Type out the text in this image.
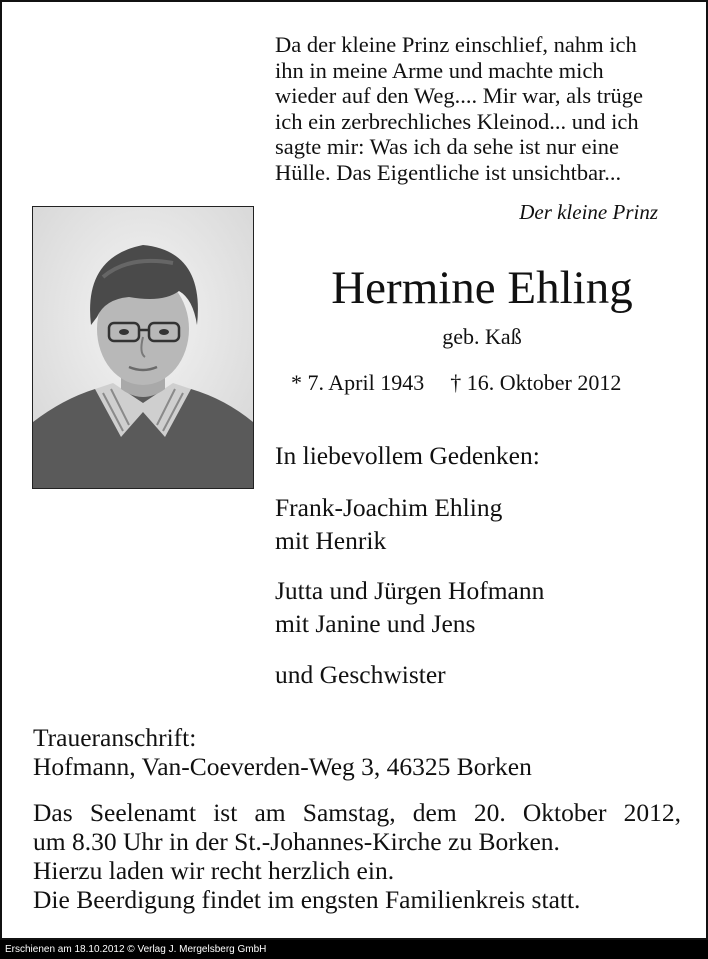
Da der kleine Prinz einschlief, nahm ich
ihn in meine Arme und machte mich
wieder auf den Weg.... Mir war, als trüge
ich ein zerbrechliches Kleinod... und ich
sagte mir: Was ich da sehe ist nur eine
Hülle. Das Eigentliche ist unsichtbar...
Der kleine Prinz
Hermine Ehling
geb. Kaß
* 7. April 1943 † 16. Oktober 2012
In liebevollem Gedenken:
Frank-Joachim Ehling
mit Henrik
Jutta und Jürgen Hofmann
mit Janine und Jens
und Geschwister
Traueranschrift:
Hofmann, Van-Coeverden-Weg 3, 46325 Borken
Das Seelenamt ist am Samstag, dem 20. Oktober 2012,
um 8.30 Uhr in der St.-Johannes-Kirche zu Borken.
Hierzu laden wir recht herzlich ein.
Die Beerdigung findet im engsten Familienkreis statt.
Erschienen am 18.10.2012 © Verlag J. Mergelsberg GmbH
